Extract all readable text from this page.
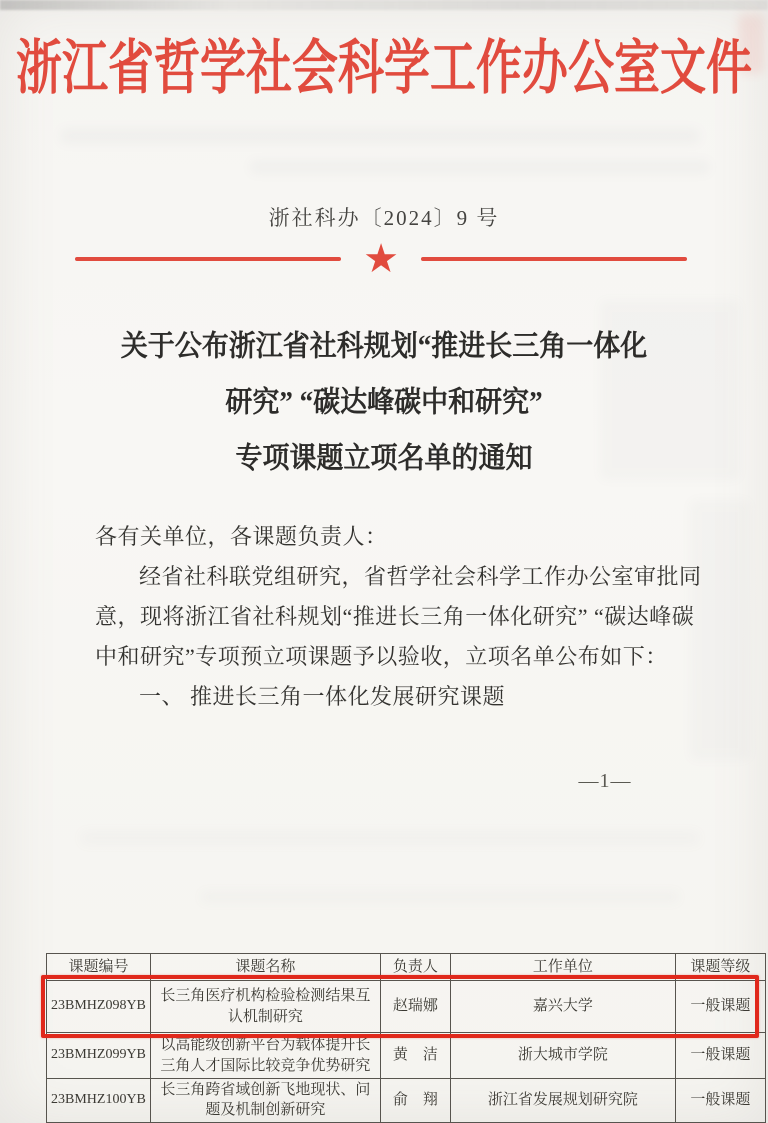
浙江省哲学社会科学工作办公室文件
浙社科办〔2024〕9 号
★
关于公布浙江省社科规划“推进长三角一体化
研究” “碳达峰碳中和研究”
专项课题立项名单的通知

各有关单位，各课题负责人：

经省社科联党组研究，省哲学社会科学工作办公室审批同

意，现将浙江省社科规划“推进长三角一体化研究” “碳达峰碳

中和研究”专项预立项课题予以验收，立项名单公布如下：

一、 推进长三角一体化发展研究课题

—1—
课题编号	课题名称	负责人	工作单位	课题等级
23BMHZ098YB	长三角医疗机构检验检测结果互认机制研究	赵瑞娜	嘉兴大学	一般课题
23BMHZ099YB	以高能级创新平台为载体提升长三角人才国际比较竞争优势研究	黄　洁	浙大城市学院	一般课题
23BMHZ100YB	长三角跨省域创新飞地现状、问题及机制创新研究	俞　翔	浙江省发展规划研究院	一般课题
